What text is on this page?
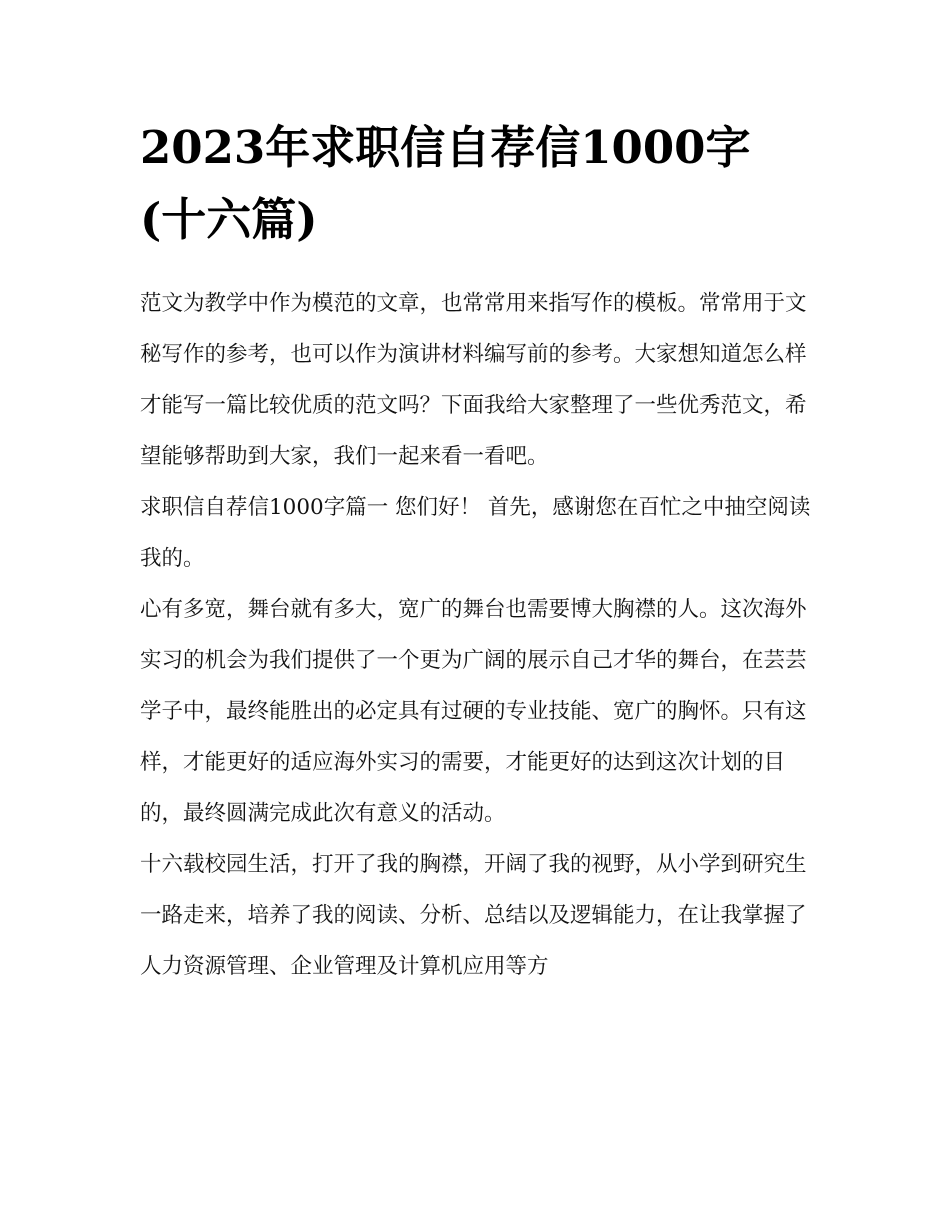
2023年求职信自荐信1000字(十六篇)

范文为教学中作为模范的文章，也常常用来指写作的模板。常常用于文秘写作的参考，也可以作为演讲材料编写前的参考。大家想知道怎么样才能写一篇比较优质的范文吗？下面我给大家整理了一些优秀范文，希望能够帮助到大家，我们一起来看一看吧。

求职信自荐信1000字篇一 您们好！ 首先，感谢您在百忙之中抽空阅读我的。

心有多宽，舞台就有多大，宽广的舞台也需要博大胸襟的人。这次海外实习的机会为我们提供了一个更为广阔的展示自己才华的舞台，在芸芸学子中，最终能胜出的必定具有过硬的专业技能、宽广的胸怀。只有这样，才能更好的适应海外实习的需要，才能更好的达到这次计划的目的，最终圆满完成此次有意义的活动。

十六载校园生活，打开了我的胸襟，开阔了我的视野，从小学到研究生一路走来，培养了我的阅读、分析、总结以及逻辑能力，在让我掌握了人力资源管理、企业管理及计算机应用等方
